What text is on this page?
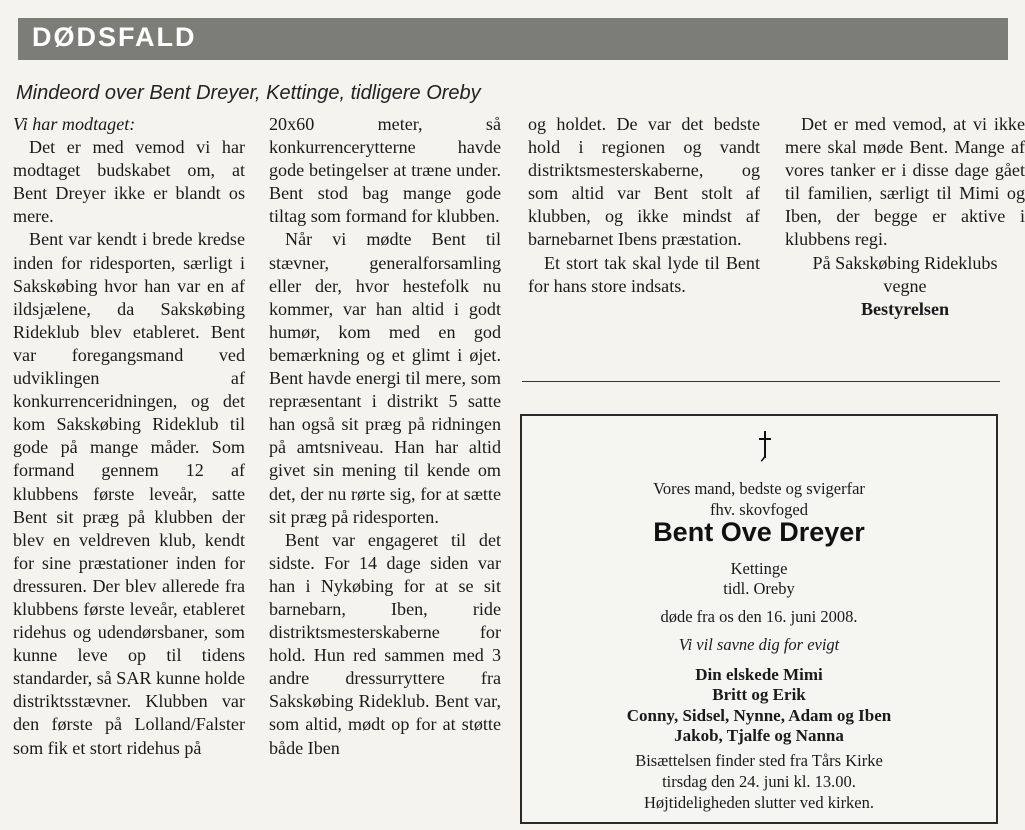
DØDSFALD
Mindeord over Bent Dreyer, Kettinge, tidligere Oreby

Vi har modtaget:

Det er med vemod vi har modtaget budskabet om, at Bent Dreyer ikke er blandt os mere.

Bent var kendt i brede kredse inden for ridesporten, særligt i Sakskøbing hvor han var en af ildsjælene, da Sakskøbing Rideklub blev etableret. Bent var foregangsmand ved udviklingen af konkurrenceridningen, og det kom Sakskøbing Rideklub til gode på mange måder. Som formand gennem 12 af klubbens første leveår, satte Bent sit præg på klubben der blev en veldreven klub, kendt for sine præstationer inden for dressuren. Der blev allerede fra klubbens første leveår, etableret ridehus og udendørsbaner, som kunne leve op til tidens standarder, så SAR kunne holde distriktsstævner. Klubben var den første på Lolland/Falster som fik et stort ridehus på

20x60 meter, så konkurrencerytterne havde gode betingelser at træne under. Bent stod bag mange gode tiltag som formand for klubben.

Når vi mødte Bent til stævner, generalforsamling eller der, hvor hestefolk nu kommer, var han altid i godt humør, kom med en god bemærkning og et glimt i øjet. Bent havde energi til mere, som repræsentant i distrikt 5 satte han også sit præg på ridningen på amtsniveau. Han har altid givet sin mening til kende om det, der nu rørte sig, for at sætte sit præg på ridesporten.

Bent var engageret til det sidste. For 14 dage siden var han i Nykøbing for at se sit barnebarn, Iben, ride distriktsmesterskaberne for hold. Hun red sammen med 3 andre dressurryttere fra Sakskøbing Rideklub. Bent var, som altid, mødt op for at støtte både Iben

og holdet. De var det bedste hold i regionen og vandt distriktsmesterskaberne, og som altid var Bent stolt af klubben, og ikke mindst af barnebarnet Ibens præstation.

Et stort tak skal lyde til Bent for hans store indsats.

Det er med vemod, at vi ikke mere skal møde Bent. Mange af vores tanker er i disse dage gået til familien, særligt til Mimi og Iben, der begge er aktive i klubbens regi.

På Sakskøbing Rideklubs

vegne

Bestyrelsen

Vores mand, bedste og svigerfar
fhv. skovfoged
Bent Ove Dreyer
Kettinge
tidl. Oreby
døde fra os den 16. juni 2008.
Vi vil savne dig for evigt
Din elskede Mimi
Britt og Erik
Conny, Sidsel, Nynne, Adam og Iben
Jakob, Tjalfe og Nanna
Bisættelsen finder sted fra Tårs Kirke
tirsdag den 24. juni kl. 13.00.
Højtideligheden slutter ved kirken.
